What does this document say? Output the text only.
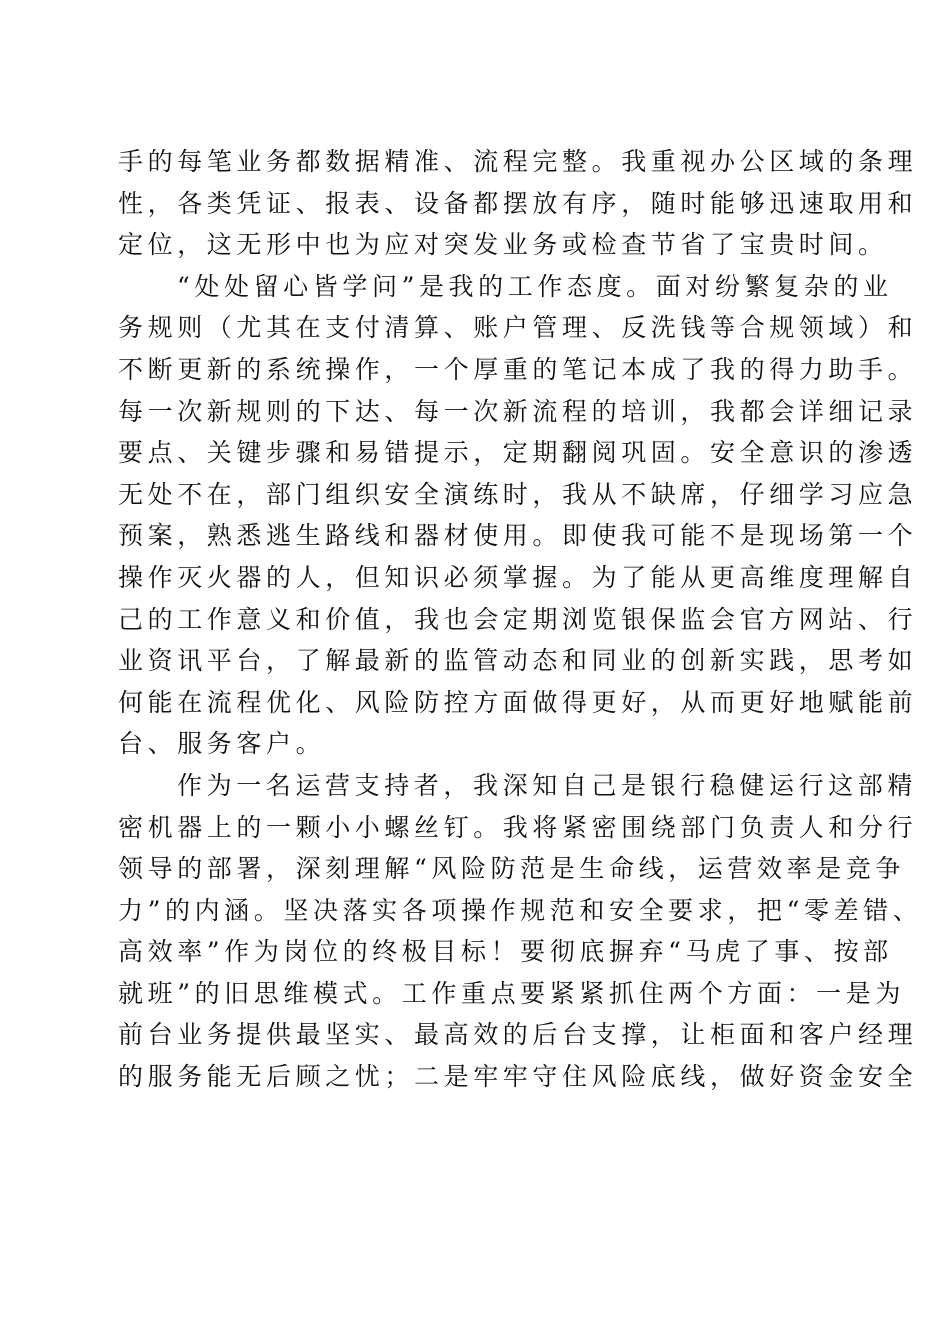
手的每笔业务都数据精准、流程完整。我重视办公区域的条理
性，各类凭证、报表、设备都摆放有序，随时能够迅速取用和
定位，这无形中也为应对突发业务或检查节省了宝贵时间。
“处处留心皆学问”是我的工作态度。面对纷繁复杂的业
务规则（尤其在支付清算、账户管理、反洗钱等合规领域）和
不断更新的系统操作，一个厚重的笔记本成了我的得力助手。
每一次新规则的下达、每一次新流程的培训，我都会详细记录
要点、关键步骤和易错提示，定期翻阅巩固。安全意识的渗透
无处不在，部门组织安全演练时，我从不缺席，仔细学习应急
预案，熟悉逃生路线和器材使用。即使我可能不是现场第一个
操作灭火器的人，但知识必须掌握。为了能从更高维度理解自
己的工作意义和价值，我也会定期浏览银保监会官方网站、行
业资讯平台，了解最新的监管动态和同业的创新实践，思考如
何能在流程优化、风险防控方面做得更好，从而更好地赋能前
台、服务客户。
作为一名运营支持者，我深知自己是银行稳健运行这部精
密机器上的一颗小小螺丝钉。我将紧密围绕部门负责人和分行
领导的部署，深刻理解“风险防范是生命线，运营效率是竞争
力”的内涵。坚决落实各项操作规范和安全要求，把“零差错、
高效率”作为岗位的终极目标！要彻底摒弃“马虎了事、按部
就班”的旧思维模式。工作重点要紧紧抓住两个方面：一是为
前台业务提供最坚实、最高效的后台支撑，让柜面和客户经理
的服务能无后顾之忧；二是牢牢守住风险底线，做好资金安全
